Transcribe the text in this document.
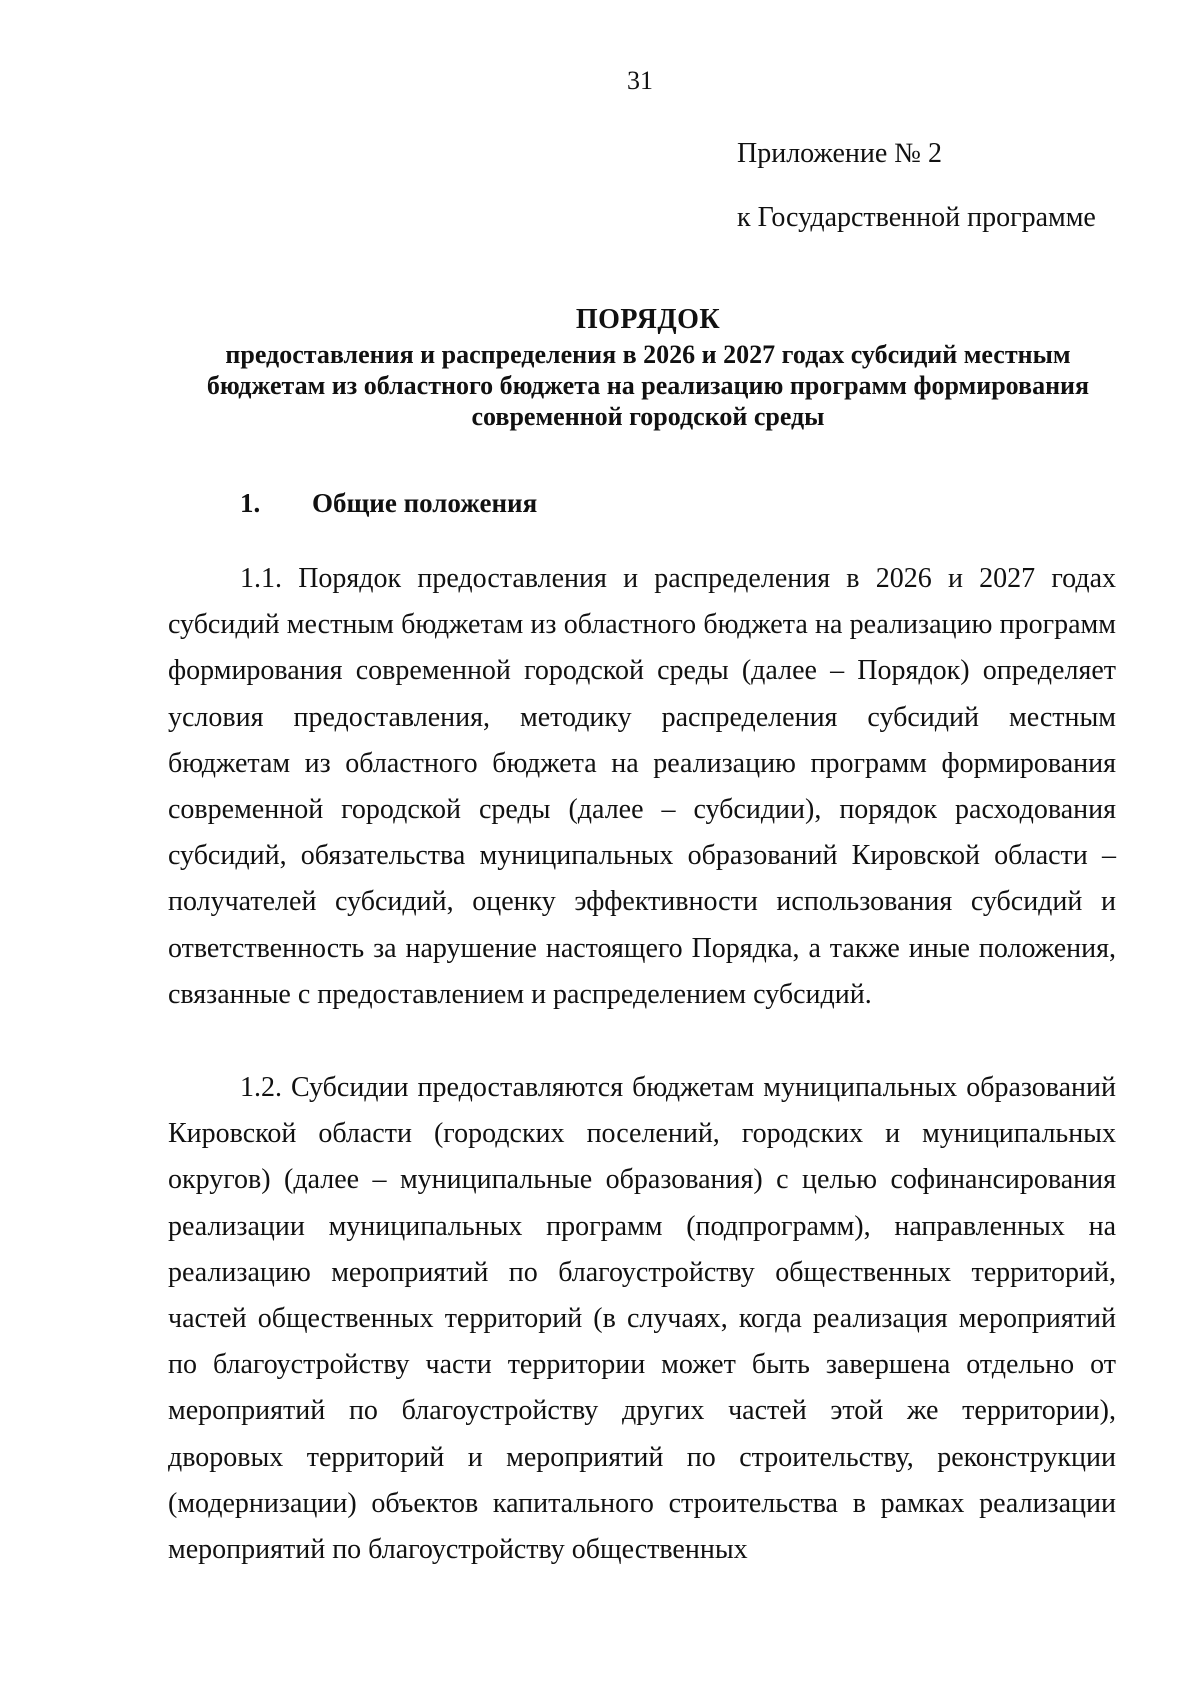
31
Приложение № 2
к Государственной программе
ПОРЯДОК
предоставления и распределения в 2026 и 2027 годах субсидий местным бюджетам из областного бюджета на реализацию программ формирования современной городской среды
1. Общие положения

1.1. Порядок предоставления и распределения в 2026 и 2027 годах субсидий местным бюджетам из областного бюджета на реализацию программ формирования современной городской среды (далее – Порядок) определяет условия предоставления, методику распределения субсидий местным бюджетам из областного бюджета на реализацию программ формирования современной городской среды (далее – субсидии), порядок расходования субсидий, обязательства муниципальных образований Кировской области – получателей субсидий, оценку эффективности использования субсидий и ответственность за нарушение настоящего Порядка, а также иные положения, связанные с предоставлением и распределением субсидий.

1.2. Субсидии предоставляются бюджетам муниципальных образований Кировской области (городских поселений, городских и муниципальных округов) (далее – муниципальные образования) с целью софинансирования реализации муниципальных программ (подпрограмм), направленных на реализацию мероприятий по благоустройству общественных территорий, частей общественных территорий (в случаях, когда реализация мероприятий по благоустройству части территории может быть завершена отдельно от мероприятий по благоустройству других частей этой же территории), дворовых территорий и мероприятий по строительству, реконструкции (модернизации) объектов капитального строительства в рамках реализации мероприятий по благоустройству общественных
